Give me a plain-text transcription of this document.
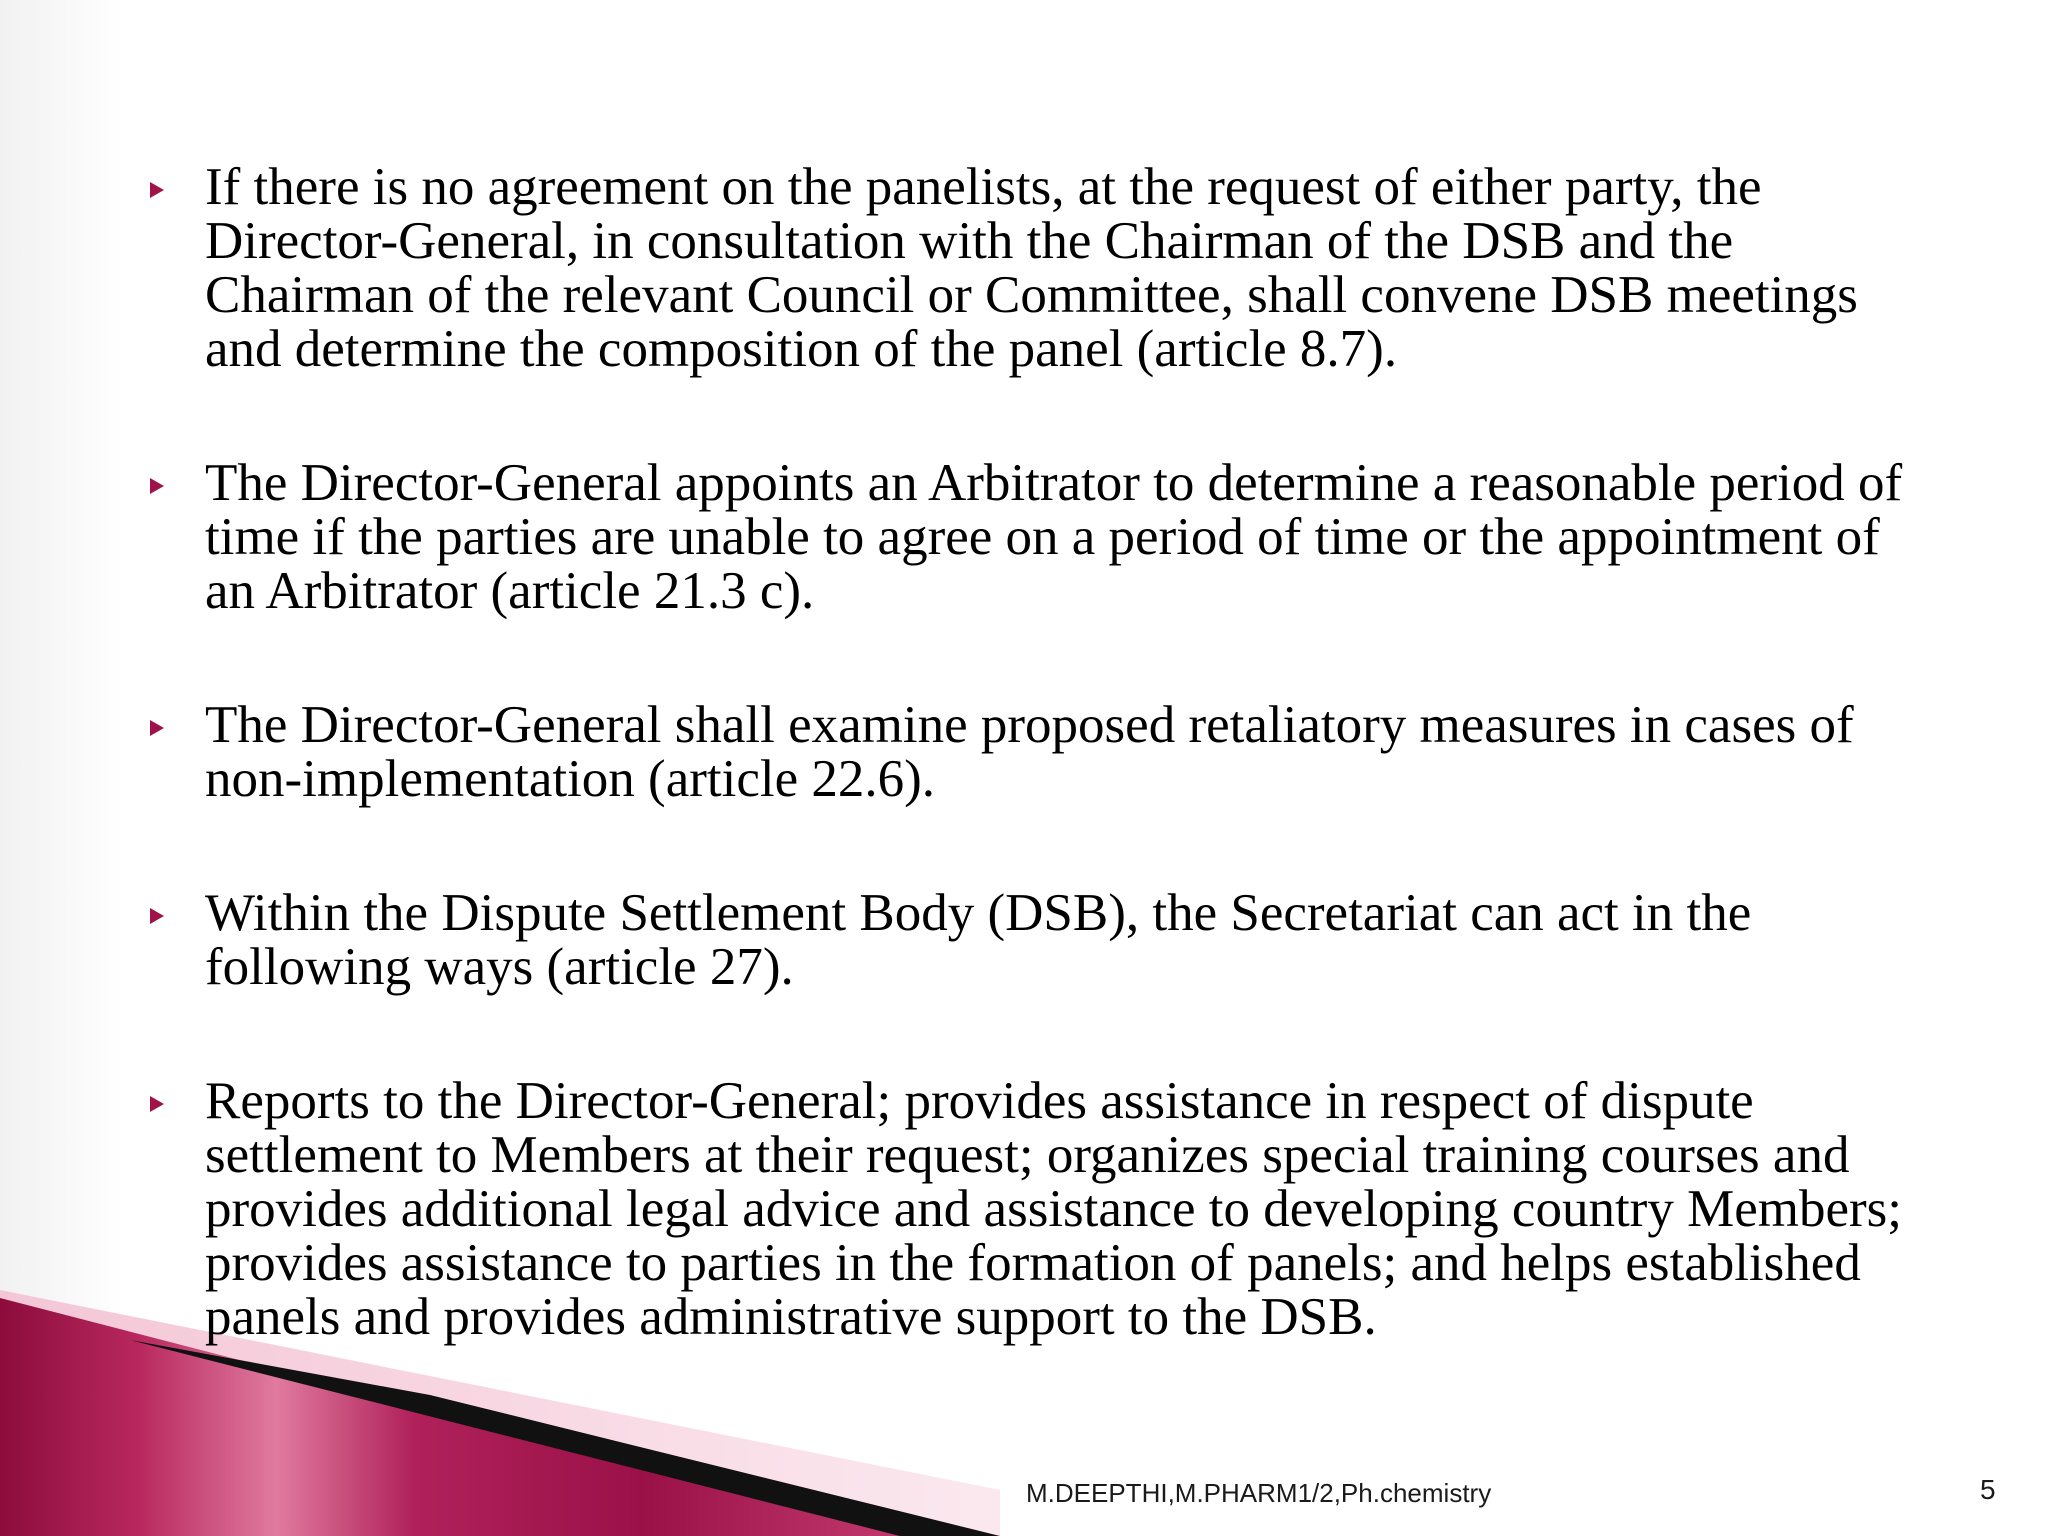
If there is no agreement on the panelists, at the request of either party, the Director-General, in consultation with the Chairman of the DSB and the Chairman of the relevant Council or Committee, shall convene DSB meetings and determine the composition of the panel (article 8.7).
The Director-General appoints an Arbitrator to determine a reasonable period of time if the parties are unable to agree on a period of time or the appointment of an Arbitrator (article 21.3 c).
The Director-General shall examine proposed retaliatory measures in cases of non-implementation (article 22.6).
Within the Dispute Settlement Body (DSB), the Secretariat can act in the following ways (article 27).
Reports to the Director-General; provides assistance in respect of dispute settlement to Members at their request; organizes special training courses and provides additional legal advice and assistance to developing country Members; provides assistance to parties in the formation of panels; and helps established panels and provides administrative support to the DSB.
M.DEEPTHI,M.PHARM1/2,Ph.chemistry	5
